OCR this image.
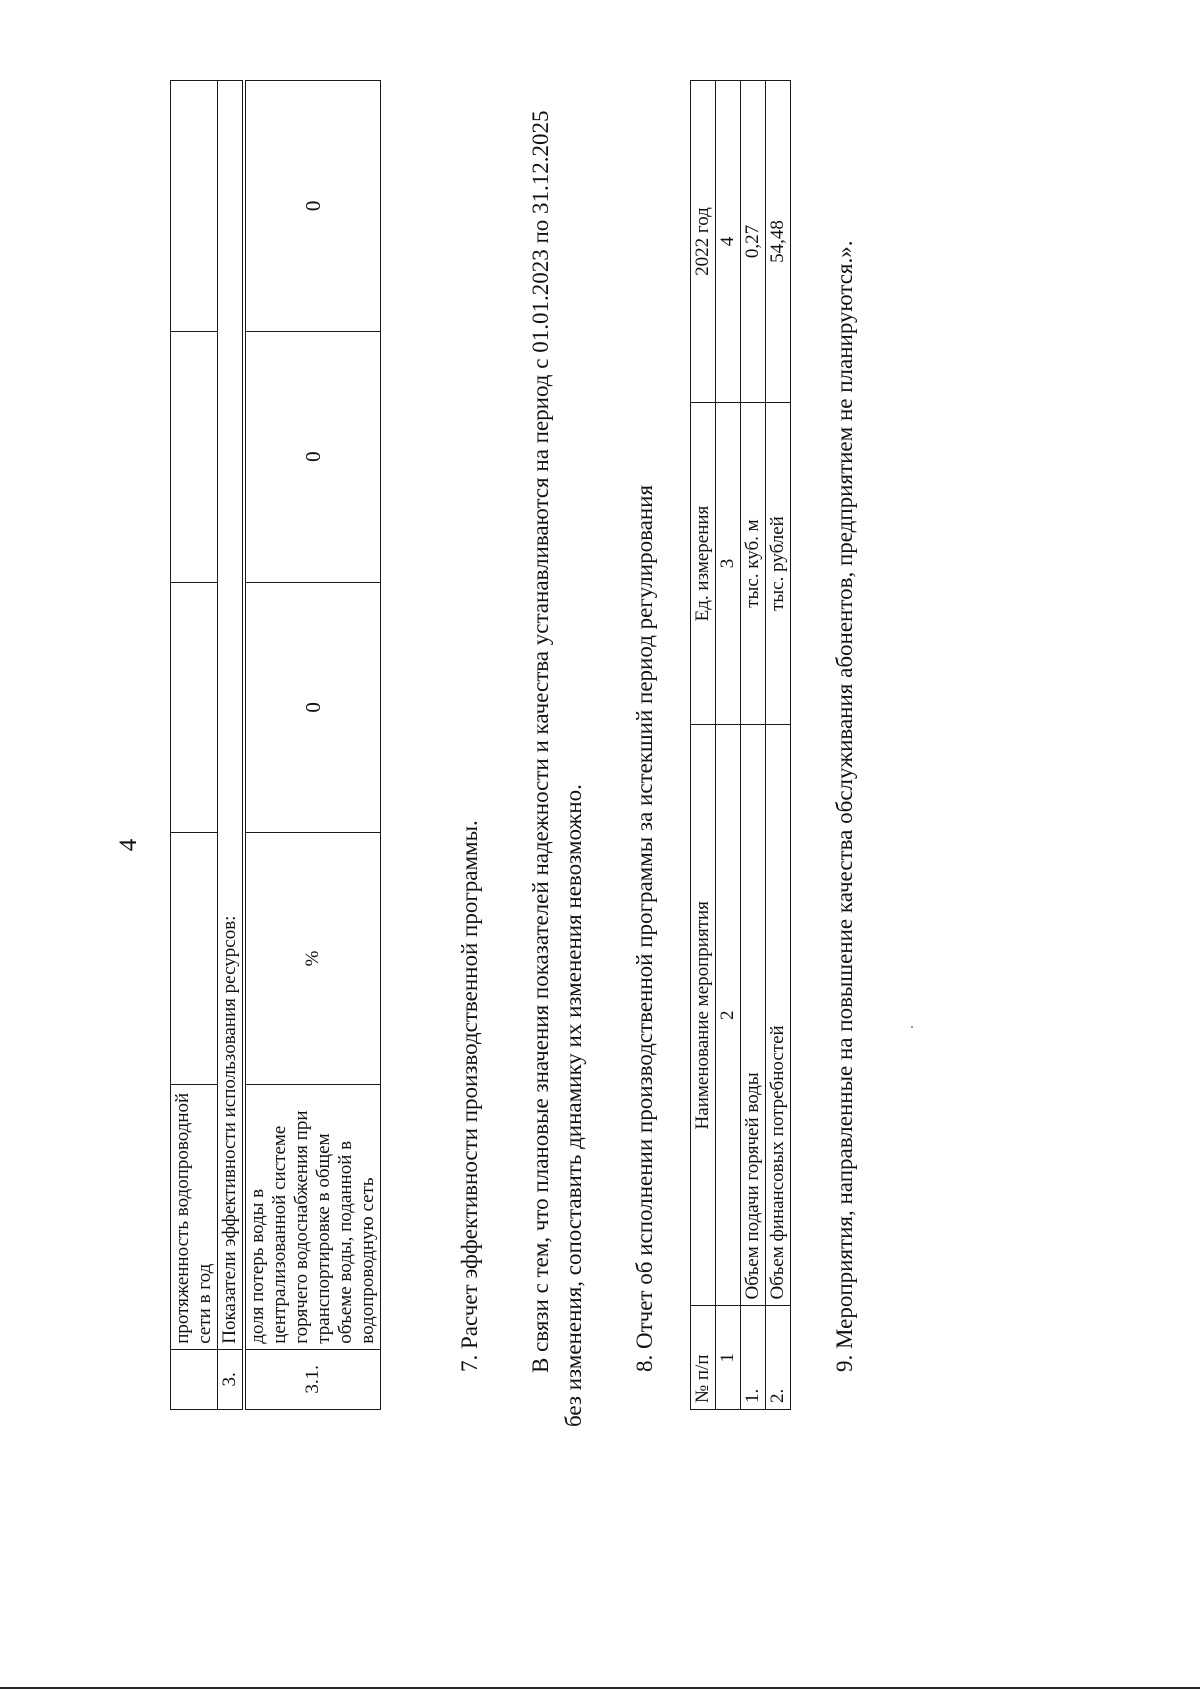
4
	протяженность водопроводной сети в год				
3.	Показатели эффективности использования ресурсов:				
3.1.	доля потерь воды в централизованной системе горячего водоснабжения при транспортировке в общем объеме воды, поданной в водопроводную сеть	%	0	0	0

7. Расчет эффективности производственной программы. В связи с тем, что плановые значения показателей надежности и качества устанавливаются на период с 01.01.2023 по 31.12.2025 без изменения, сопоставить динамику их изменения невозможно. 8. Отчет об исполнении производственной программы за истекший период регулирования

№ п/п	Наименование мероприятия	Ед. измерения	2022 год
1	2	3	4
1.	Объем подачи горячей воды	тыс. куб. м	0,27
2.	Объем финансовых потребностей	тыс. рублей	54,48 9. Мероприятия, направленные на повышение качества обслуживания абонентов, предприятием не планируются.».
